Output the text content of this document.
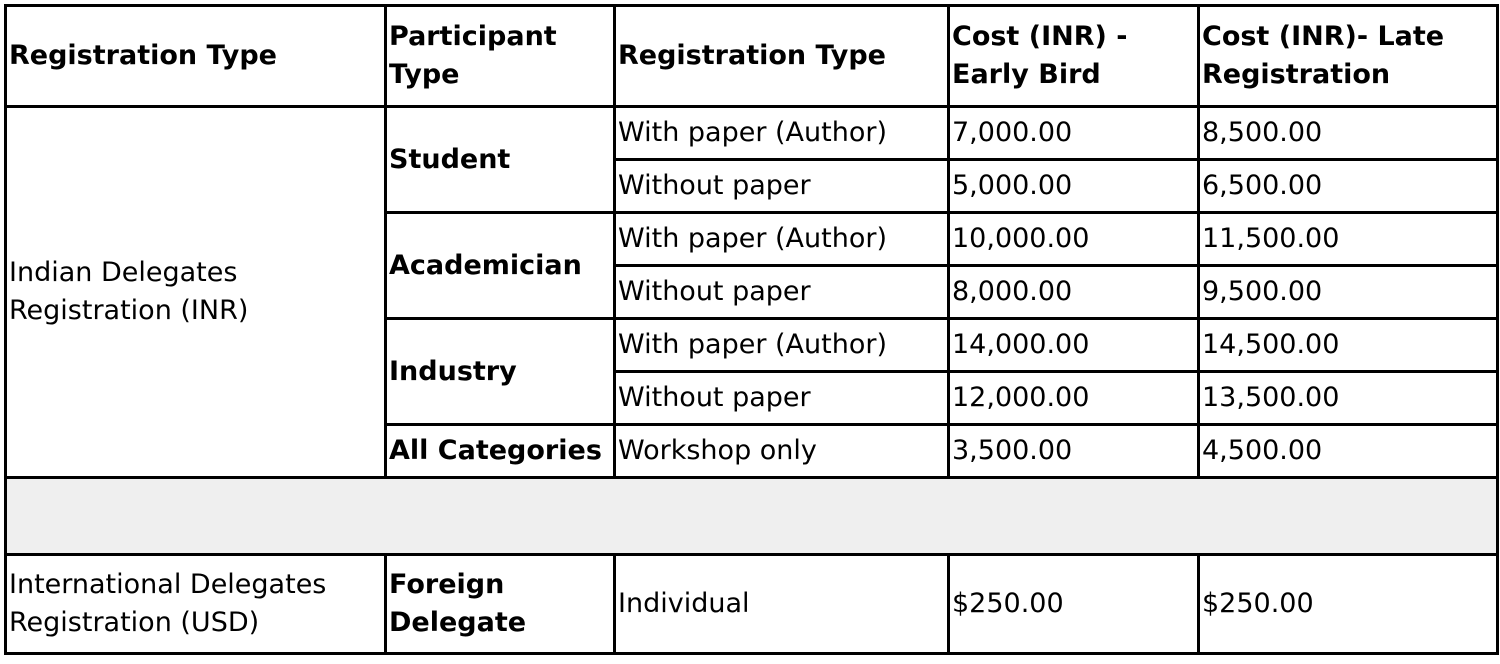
Registration Type	Participant Type	Registration Type	Cost (INR) - Early Bird	Cost (INR)- Late Registration
Indian Delegates Registration (INR)	Student	With paper (Author)	7,000.00	8,500.00
		Without paper	5,000.00	6,500.00
	Academician	With paper (Author)	10,000.00	11,500.00
		Without paper	8,000.00	9,500.00
	Industry	With paper (Author)	14,000.00	14,500.00
		Without paper	12,000.00	13,500.00
	All Categories	Workshop only	3,500.00	4,500.00

International Delegates Registration (USD)	Foreign Delegate	Individual	$250.00	$250.00
